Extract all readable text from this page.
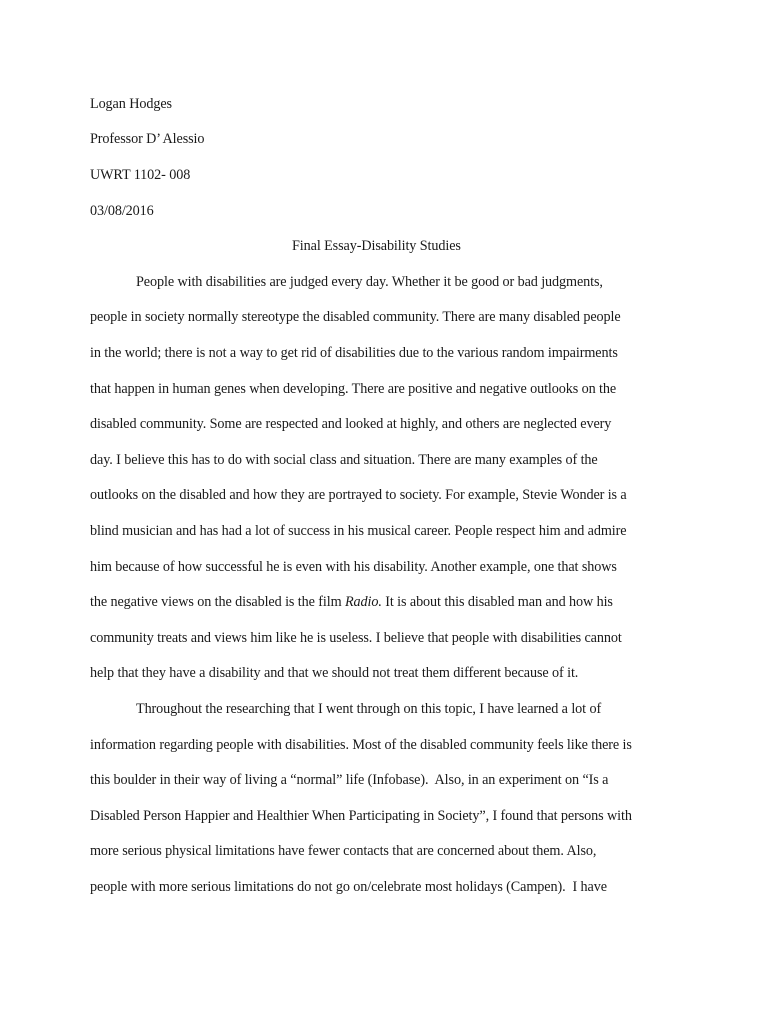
Logan Hodges
Professor D’ Alessio
UWRT 1102- 008
03/08/2016
Final Essay-Disability Studies
People with disabilities are judged every day. Whether it be good or bad judgments,
people in society normally stereotype the disabled community. There are many disabled people
in the world; there is not a way to get rid of disabilities due to the various random impairments
that happen in human genes when developing. There are positive and negative outlooks on the
disabled community. Some are respected and looked at highly, and others are neglected every
day. I believe this has to do with social class and situation. There are many examples of the
outlooks on the disabled and how they are portrayed to society. For example, Stevie Wonder is a
blind musician and has had a lot of success in his musical career. People respect him and admire
him because of how successful he is even with his disability. Another example, one that shows
the negative views on the disabled is the film Radio. It is about this disabled man and how his
community treats and views him like he is useless. I believe that people with disabilities cannot
help that they have a disability and that we should not treat them different because of it.
Throughout the researching that I went through on this topic, I have learned a lot of
information regarding people with disabilities. Most of the disabled community feels like there is
this boulder in their way of living a “normal” life (Infobase).  Also, in an experiment on “Is a
Disabled Person Happier and Healthier When Participating in Society”, I found that persons with
more serious physical limitations have fewer contacts that are concerned about them. Also,
people with more serious limitations do not go on/celebrate most holidays (Campen).  I have
